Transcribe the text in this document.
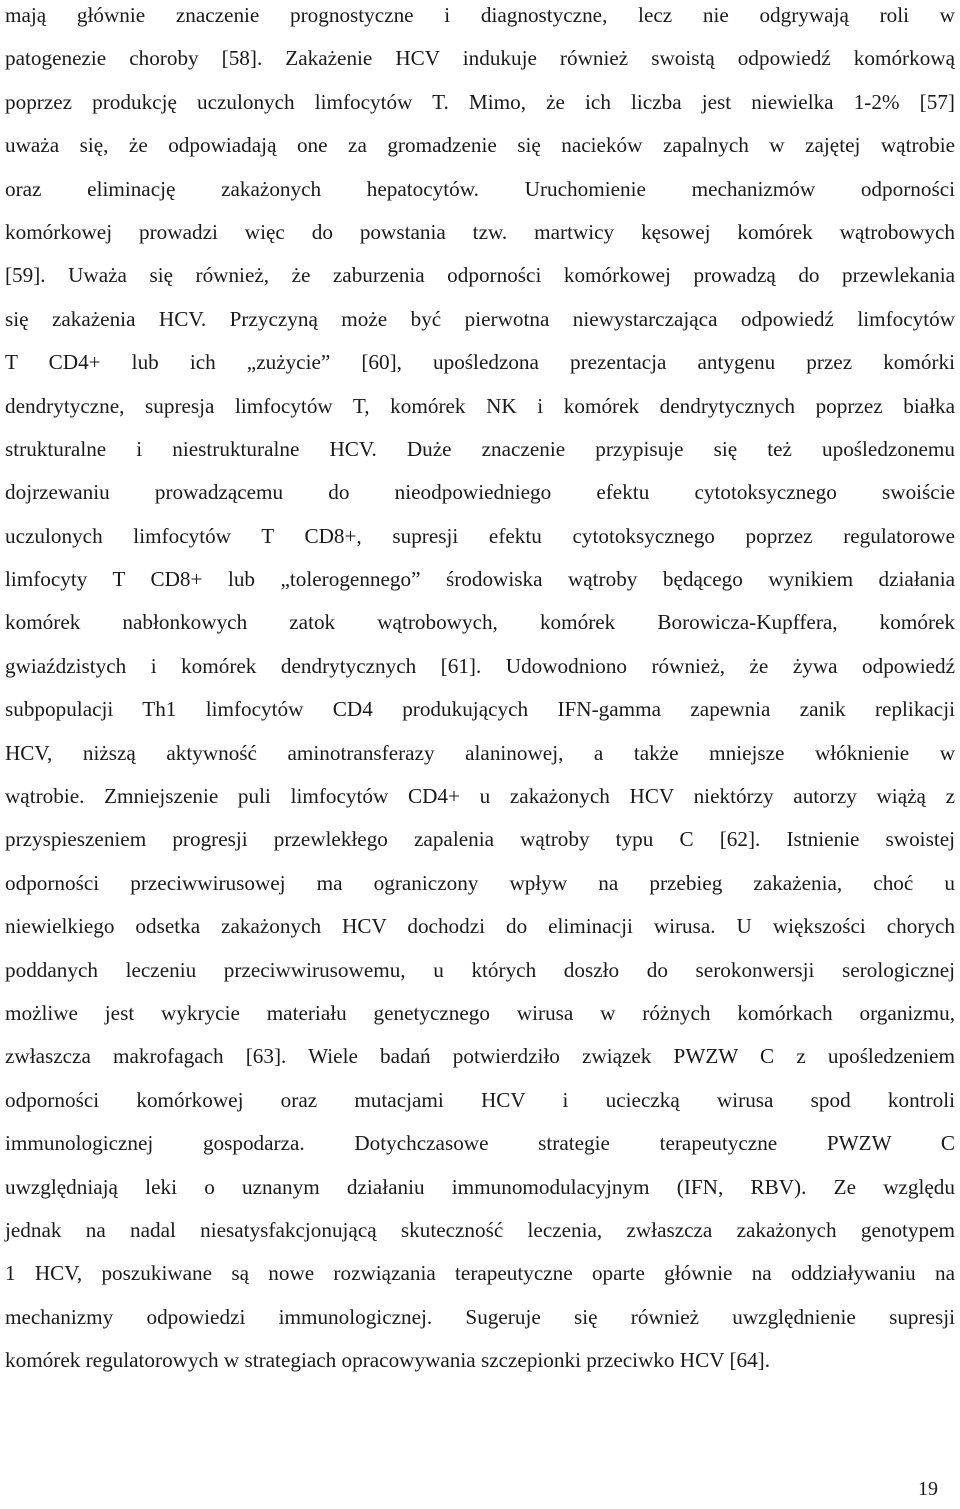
mają głównie znaczenie prognostyczne i diagnostyczne, lecz nie odgrywają roli w
patogenezie choroby [58]. Zakażenie HCV indukuje również swoistą odpowiedź komórkową
poprzez produkcję uczulonych limfocytów T. Mimo, że ich liczba jest niewielka 1-2% [57]
uważa się, że odpowiadają one za gromadzenie się nacieków zapalnych w zajętej wątrobie
oraz eliminację zakażonych hepatocytów. Uruchomienie mechanizmów odporności
komórkowej prowadzi więc do powstania tzw. martwicy kęsowej komórek wątrobowych
[59]. Uważa się również, że zaburzenia odporności komórkowej prowadzą do przewlekania
się zakażenia HCV. Przyczyną może być pierwotna niewystarczająca odpowiedź limfocytów
T CD4+ lub ich „zużycie” [60], upośledzona prezentacja antygenu przez komórki
dendrytyczne, supresja limfocytów T, komórek NK i komórek dendrytycznych poprzez białka
strukturalne i niestrukturalne HCV. Duże znaczenie przypisuje się też upośledzonemu
dojrzewaniu prowadzącemu do nieodpowiedniego efektu cytotoksycznego swoiście
uczulonych limfocytów T CD8+, supresji efektu cytotoksycznego poprzez regulatorowe
limfocyty T CD8+ lub „tolerogennego” środowiska wątroby będącego wynikiem działania
komórek nabłonkowych zatok wątrobowych, komórek Borowicza-Kupffera, komórek
gwiaździstych i komórek dendrytycznych [61]. Udowodniono również, że żywa odpowiedź
subpopulacji Th1 limfocytów CD4 produkujących IFN-gamma zapewnia zanik replikacji
HCV, niższą aktywność aminotransferazy alaninowej, a także mniejsze włóknienie w
wątrobie. Zmniejszenie puli limfocytów CD4+ u zakażonych HCV niektórzy autorzy wiążą z
przyspieszeniem progresji przewlekłego zapalenia wątroby typu C [62]. Istnienie swoistej
odporności przeciwwirusowej ma ograniczony wpływ na przebieg zakażenia, choć u
niewielkiego odsetka zakażonych HCV dochodzi do eliminacji wirusa. U większości chorych
poddanych leczeniu przeciwwirusowemu, u których doszło do serokonwersji serologicznej
możliwe jest wykrycie materiału genetycznego wirusa w różnych komórkach organizmu,
zwłaszcza makrofagach [63]. Wiele badań potwierdziło związek PWZW C z upośledzeniem
odporności komórkowej oraz mutacjami HCV i ucieczką wirusa spod kontroli
immunologicznej gospodarza. Dotychczasowe strategie terapeutyczne PWZW C
uwzględniają leki o uznanym działaniu immunomodulacyjnym (IFN, RBV). Ze względu
jednak na nadal niesatysfakcjonującą skuteczność leczenia, zwłaszcza zakażonych genotypem
1 HCV, poszukiwane są nowe rozwiązania terapeutyczne oparte głównie na oddziaływaniu na
mechanizmy odpowiedzi immunologicznej. Sugeruje się również uwzględnienie supresji
komórek regulatorowych w strategiach opracowywania szczepionki przeciwko HCV [64].
19
